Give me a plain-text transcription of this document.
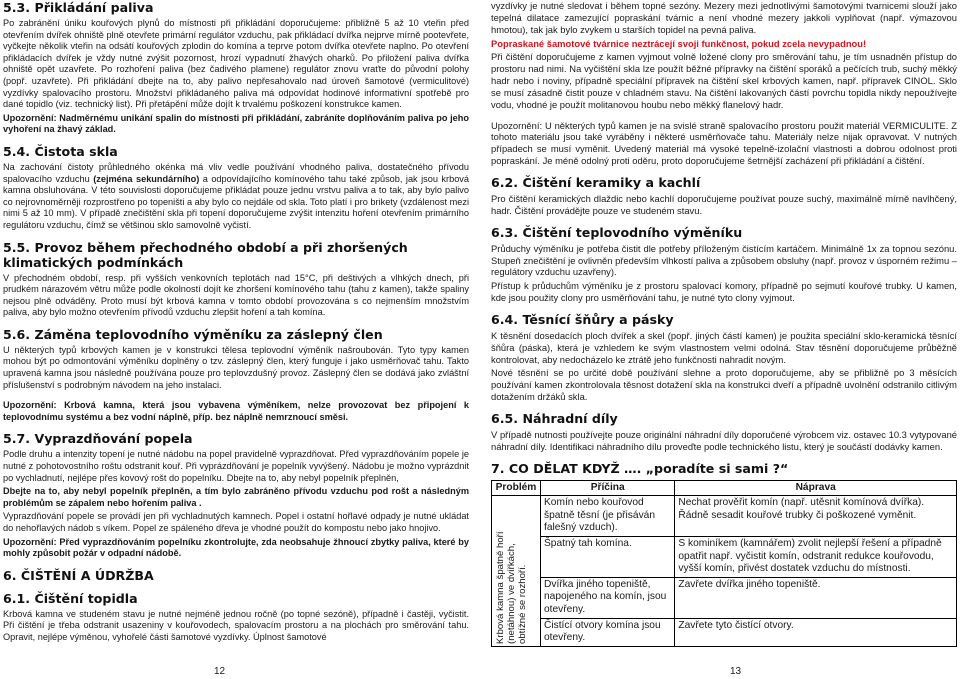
5.3. Přikládání paliva

Po zabránění úniku kouřových plynů do místnosti při přikládání doporučujeme: přibližně 5 až 10 vteřin před otevřením dvířek ohniště plně otevřete primární regulátor vzduchu, pak přikládací dvířka nejprve mírně pootevřete, vyčkejte několik vteřin na odsátí kouřových zplodin do komína a teprve potom dvířka otevřete naplno. Po otevření přikládacích dvířek je vždy nutné zvýšit pozornost, hrozí vypadnutí žhavých oharků. Po přiložení paliva dvířka ohniště opět uzavřete. Po rozhoření paliva (bez čadivého plamene) regulátor znovu vraťte do původní polohy (popř. uzavřete). Při přikládání dbejte na to, aby palivo nepřesahovalo nad úroveň šamotové (vermiculitové) vyzdívky spalovacího prostoru. Množství přikládaného paliva má odpovídat hodinové informativní spotřebě pro dané topidlo (viz. technický list). Při přetápění může dojít k trvalému poškození konstrukce kamen.

Upozornění: Nadměrnému unikání spalin do místnosti při přikládání, zabráníte doplňováním paliva po jeho vyhoření na žhavý základ.

5.4. Čistota skla

Na zachování čistoty průhledného okénka má vliv vedle používání vhodného paliva, dostatečného přívodu spalovacího vzduchu (zejména sekundárního) a odpovídajícího komínového tahu také způsob, jak jsou krbová kamna obsluhována. V této souvislosti doporučujeme přikládat pouze jednu vrstvu paliva a to tak, aby bylo palivo co nejrovnoměrněji rozprostřeno po topeništi a aby bylo co nejdále od skla. Toto platí i pro brikety (vzdálenost mezi nimi 5 až 10 mm). V případě znečištění skla při topení doporučujeme zvýšit intenzitu hoření otevřením primárního regulátoru vzduchu, čímž se většinou sklo samovolně vyčistí.

5.5. Provoz během přechodného období a při zhoršených klimatických podmínkách

V přechodném období, resp. při vyšších venkovních teplotách nad 15°C, při deštivých a vlhkých dnech, při prudkém nárazovém větru může podle okolností dojít ke zhoršení komínového tahu (tahu z kamen), takže spaliny nejsou plně odváděny. Proto musí být krbová kamna v tomto období provozována s co nejmenším množstvím paliva, aby bylo možno otevřením přívodů vzduchu zlepšit hoření a tah komína.

5.6. Záměna teplovodního výměníku za záslepný člen

U některých typů krbových kamen je v konstrukci tělesa teplovodní výměník našroubován. Tyto typy kamen mohou být po odmontování výměníku doplněny o tzv. záslepný člen, který funguje i jako usměrňovač tahu. Takto upravená kamna jsou následně používána pouze pro teplovzdušný provoz. Záslepný člen se dodává jako zvláštní příslušenství s podrobným návodem na jeho instalaci.

Upozornění: Krbová kamna, která jsou vybavena výměníkem, nelze provozovat bez připojení k teplovodnímu systému a bez vodní náplně, příp. bez náplně nemrznoucí směsi.

5.7. Vyprazdňování popela

Podle druhu a intenzity topení je nutné nádobu na popel pravidelně vyprazdňovat. Před vyprazdňováním popele je nutné z pohotovostního roštu odstranit kouř. Při vyprázdňování je popelník vyvýšený. Nádobu je možno vyprázdnit po vychladnutí, nejlépe přes kovový rošt do popelníku. Dbejte na to, aby nebyl popelník přeplněn,

Dbejte na to, aby nebyl popelník přeplněn, a tím bylo zabráněno přívodu vzduchu pod rošt a následným problémům se zápalem nebo hořením paliva .

Vyprazdňování popele se provádí jen při vychladnutých kamnech. Popel i ostatní hořlavé odpady je nutné ukládat do nehořlavých nádob s víkem. Popel ze spáleného dřeva je vhodné použít do kompostu nebo jako hnojivo.

Upozornění: Před vyprazdňováním popelníku zkontrolujte, zda neobsahuje žhnoucí zbytky paliva, které by mohly způsobit požár v odpadní nádobě.

6. ČIŠTĚNÍ A ÚDRŽBA
6.1. Čištění topidla

Krbová kamna ve studeném stavu je nutné nejméně jednou ročně (po topné sezóně), případně i častěji, vyčistit. Při čištění je třeba odstranit usazeniny v kouřovodech, spalovacím prostoru a na plochách pro směrování tahu. Opravit, nejlépe výměnou, vyhořelé části šamotové vyzdívky. Úplnost šamotové

vyzdívky je nutné sledovat i během topné sezóny. Mezery mezi jednotlivými šamotovými tvarnicemi slouží jako tepelná dilatace zamezující popraskání tvárnic a není vhodné mezery jakkoli vyplňovat (např. výmazovou hmotou), tak jak bylo zvykem u starších topidel na pevná paliva.

Popraskané šamotové tvárnice neztrácejí svoji funkčnost, pokud zcela nevypadnou!

Při čištění doporučujeme z kamen vyjmout volně ložené clony pro směrování tahu, je tím usnadněn přístup do prostoru nad nimi. Na vyčištění skla lze použít běžné přípravky na čištění sporáků a pečících trub, suchý měkký hadr nebo i noviny, případně speciální přípravek na čištění skel krbových kamen, např. přípravek CINOL. Sklo se musí zásadně čistit pouze v chladném stavu. Na čištění lakovaných částí povrchu topidla nikdy nepoužívejte vodu, vhodné je použít molitanovou houbu nebo měkký flanelový hadr.

Upozornění: U některých typů kamen je na svislé straně spalovacího prostoru použit materiál VERMICULITE. Z tohoto materiálu jsou také vyráběny i některé usměrňovače tahu. Materiály nelze nijak opravovat. V nutných případech se musí vyměnit. Uvedený materiál má vysoké tepelně-izolační vlastnosti a dobrou odolnost proti popraskání. Je méně odolný proti oděru, proto doporučujeme šetrnější zacházení při přikládání a čištění.

6.2. Čištění keramiky a kachlí

Pro čištění keramických dlaždic nebo kachlí doporučujeme používat pouze suchý, maximálně mírně navlhčený, hadr. Čištění provádějte pouze ve studeném stavu.

6.3. Čištění teplovodního výměníku

Průduchy výměníku je potřeba čistit dle potřeby příloženým čistícím kartáčem. Minimálně 1x za topnou sezónu. Stupeň znečištění je ovlivněn především vlhkostí paliva a způsobem obsluhy (např. provoz v úsporném režimu – regulátory vzduchu uzavřeny).

Přístup k průduchům výměníku je z prostoru spalovací komory, případně po sejmutí kouřové trubky. U kamen, kde jsou použity clony pro usměrňování tahu, je nutné tyto clony vyjmout.

6.4. Těsnící šňůry a pásky

K těsnění dosedacích ploch dvířek a skel (popř. jiných částí kamen) je použita speciální sklo-keramická těsnící šňůra (páska), která je vzhledem ke svým vlastnostem velmi odolná. Stav těsnění doporučujeme průběžně kontrolovat, aby nedocházelo ke ztrátě jeho funkčnosti nahradit novým.

Nové těsnění se po určité době používání slehne a proto doporučujeme, aby se přibližně po 3 měsících používání kamen zkontrolovala těsnost dotažení skla na konstrukci dveří a případně uvolnění odstranilo citlivým dotažením držáků skla.

6.5. Náhradní díly

V případě nutnosti používejte pouze originální náhradní díly doporučené výrobcem viz. ostavec 10.3 vytypované náhradní díly. Identifikaci náhradního dílu proveďte podle technického listu, který je součástí dodávky kamen.

7. CO DĚLAT KDYŽ …. „poradíte si sami ?“
Problém	Příčina	Náprava

Krbová kamna špatně hoří (netáhnou) ve dvířkách, obtížné se rozhoří.	Komín nebo kouřovod špatně těsní (je přisáván falešný vzduch).	Nechat prověřit komín (např. utěsnit komínová dvířka). Řádně sesadit kouřové trubky či poškozené vyměnit.
	Špatný tah komína.	S kominíkem (kamnářem) zvolit nejlepší řešení a případně opatřit např. vyčistit komín, odstranit redukce kouřovodu, vyšší komín, přivést dostatek vzduchu do místnosti.
	Dvířka jiného topeniště, napojeného na komín, jsou otevřeny.	Zavřete dvířka jiného topeniště.
	Čistící otvory komína jsou otevřeny.	Zavřete tyto čistící otvory.
12	13
